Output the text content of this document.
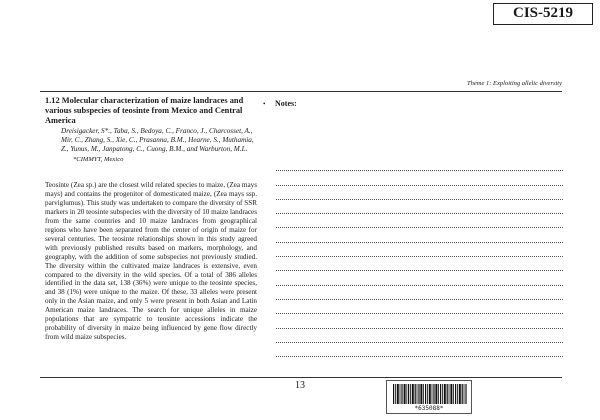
CIS-5219
Theme 1: Exploiting allelic diversity

1.12 Molecular characterization of maize landraces and various subspecies of teosinte from Mexico and Central America

Dreisigacker, S*., Taba, S., Bedoya, C., Franco, J., Charcosset, A., Mir, C., Zhang, S., Xie, C., Prasanna, B.M., Hearne, S., Muthamia, Z., Yunus, M., Janpatong, C., Cuong, B.M., and Warburton, M.L.

*CIMMYT, Mexico

Teosinte (Zea sp.) are the closest wild related species to maize, (Zea mays mays) and contains the progenitor of domesticated maize, (Zea mays ssp. parviglumus). This study was undertaken to compare the diversity of SSR markers in 20 teosinte subspecies with the diversity of 10 maize landraces from the same countries and 10 maize landraces from geographical regions who have been separated from the center of origin of maize for several centuries. The teosinte relationships shown in this study agreed with previously published results based on markers, morphology, and geography, with the addition of some subspecies not previously studied. The diversity within the cultivated maize landraces is extensive, even compared to the diversity in the wild species. Of a total of 386 alleles identified in the data set, 138 (36%) were unique to the teosinte species, and 38 (1%) were unique to the maize. Of these, 33 alleles were present only in the Asian maize, and only 5 were present in both Asian and Latin American maize landraces. The search for unique alleles in maize populations that are sympatric to teosinte accessions indicate the probability of diversity in maize being influenced by gene flow directly from wild maize subspecies.

• Notes:
13
*635088*
